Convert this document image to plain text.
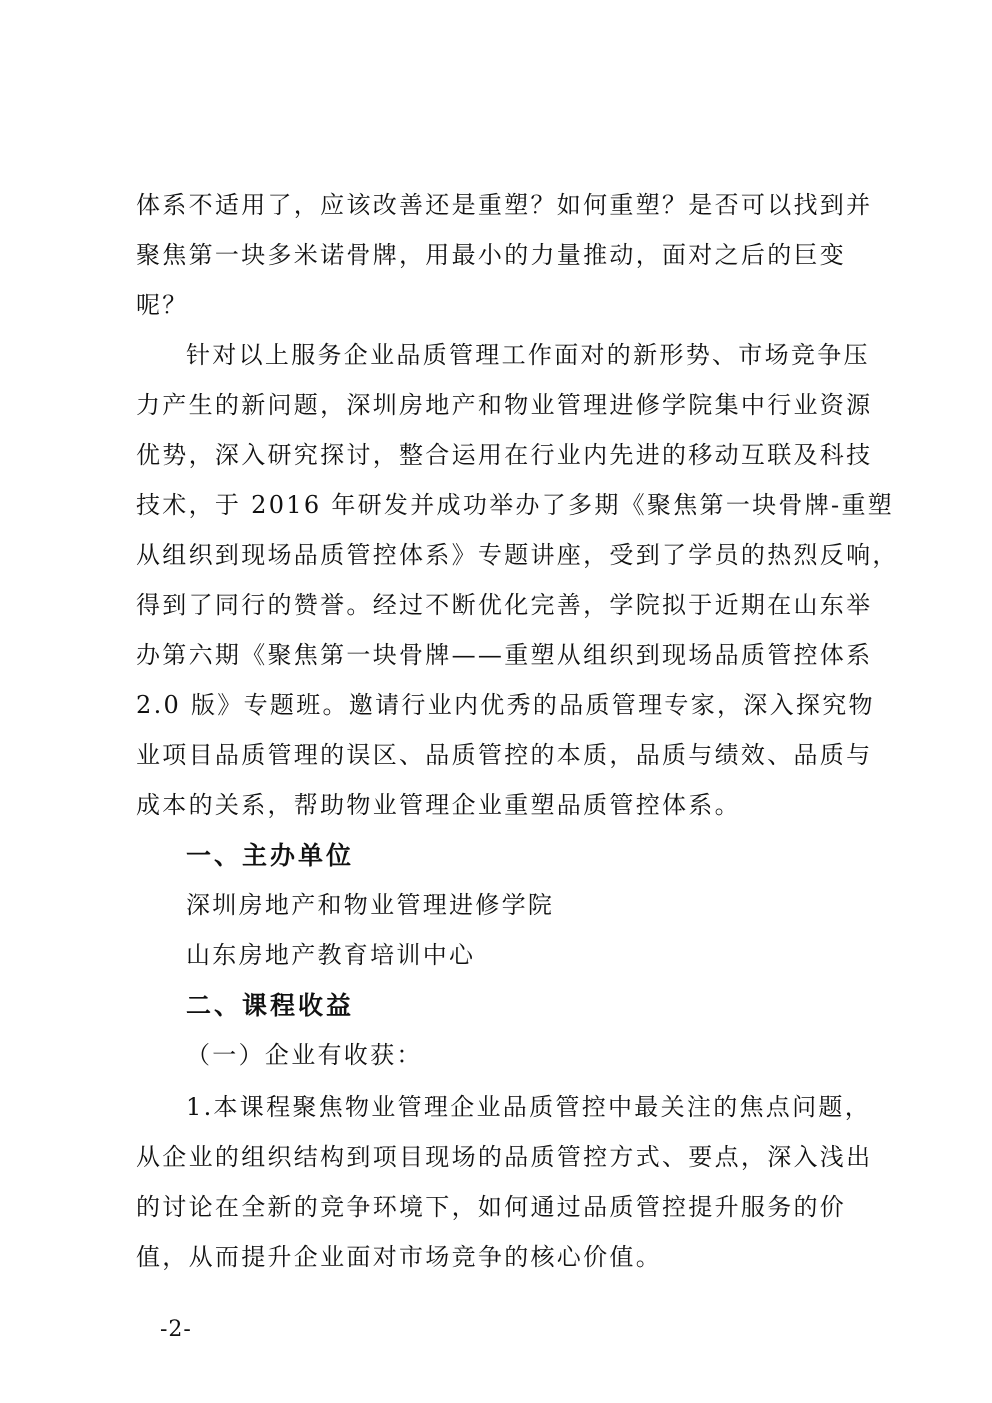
体系不适用了，应该改善还是重塑？如何重塑？是否可以找到并
聚焦第一块多米诺骨牌，用最小的力量推动，面对之后的巨变
呢？
针对以上服务企业品质管理工作面对的新形势、市场竞争压
力产生的新问题，深圳房地产和物业管理进修学院集中行业资源
优势，深入研究探讨，整合运用在行业内先进的移动互联及科技
技术，于 2016 年研发并成功举办了多期《聚焦第一块骨牌-重塑
从组织到现场品质管控体系》专题讲座，受到了学员的热烈反响，
得到了同行的赞誉。经过不断优化完善，学院拟于近期在山东举
办第六期《聚焦第一块骨牌——重塑从组织到现场品质管控体系
2.0 版》专题班。邀请行业内优秀的品质管理专家，深入探究物
业项目品质管理的误区、品质管控的本质，品质与绩效、品质与
成本的关系，帮助物业管理企业重塑品质管控体系。
一、主办单位
深圳房地产和物业管理进修学院
山东房地产教育培训中心
二、课程收益
（一）企业有收获：
1.本课程聚焦物业管理企业品质管控中最关注的焦点问题，
从企业的组织结构到项目现场的品质管控方式、要点，深入浅出
的讨论在全新的竞争环境下，如何通过品质管控提升服务的价
值，从而提升企业面对市场竞争的核心价值。
-2-
